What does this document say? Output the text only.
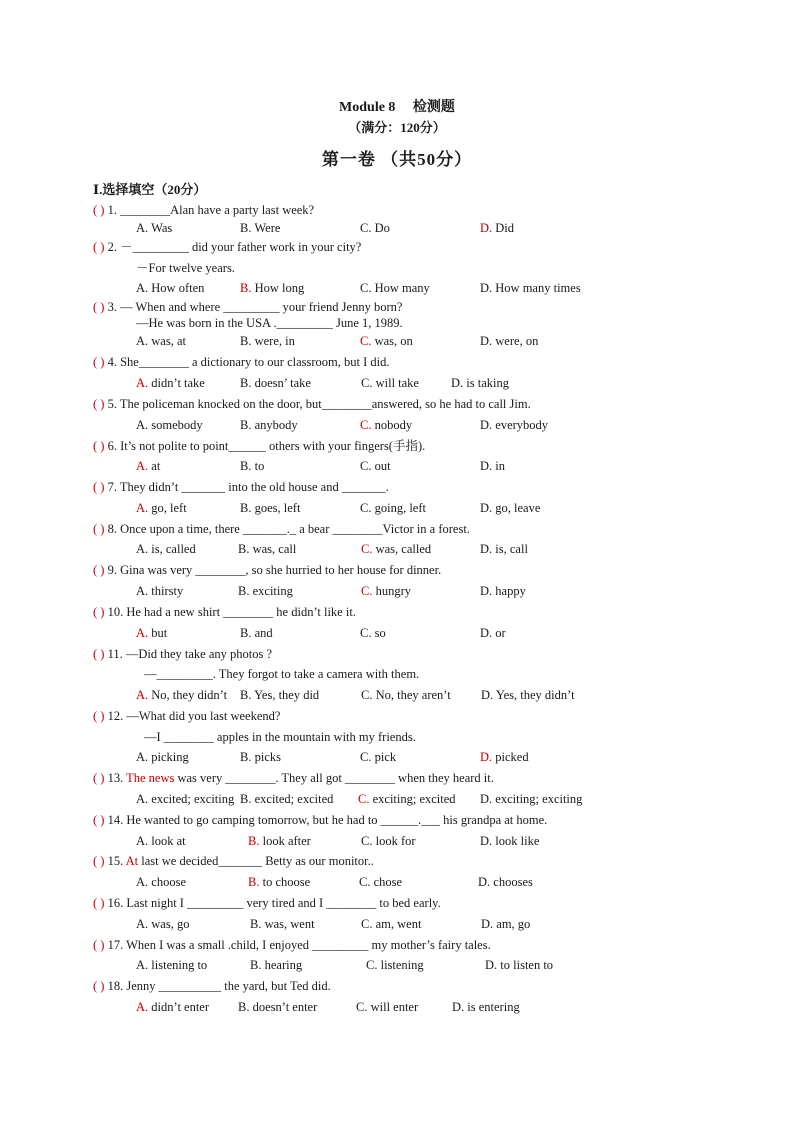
Module 8　 检测题
（满分：120分）
第一卷 （共50分）
Ⅰ.选择填空（20分）
( ) 1. ________Alan have a party last week?
A. Was	B. Were	C. Do	D. Did
( ) 2. －_________ did your father work in your city?
－For twelve years.
A. How often	B. How long	C. How many	D. How many times
( ) 3. — When and where _________ your friend Jenny born?
—He was born in the USA ._________ June 1, 1989.
A. was, at	B. were, in	C. was, on	D. were, on
( ) 4. She________ a dictionary to our classroom, but I did.
A. didn’t take	B. doesn’ take	C. will take	D. is taking
( ) 5. The policeman knocked on the door, but________answered, so he had to call Jim.
A. somebody	B. anybody	C. nobody	D. everybody
( ) 6. It’s not polite to point______ others with your fingers(手指).
A. at	B. to	C. out	D. in
( ) 7. They didn’t _______ into the old house and _______.
A. go, left	B. goes, left	C. going, left	D. go, leave
( ) 8. Once upon a time, there _______._ a bear ________Victor in a forest.
A. is, called	B. was, call	C. was, called	D. is, call
( ) 9. Gina was very ________, so she hurried to her house for dinner.
A. thirsty	B. exciting	C. hungry	D. happy
( ) 10. He had a new shirt ________ he didn’t like it.
A. but	B. and	C. so	D. or
( ) 11. —Did they take any photos ?
—_________. They forgot to take a camera with them.
A. No, they didn’t B. Yes, they did	C. No, they aren’t D. Yes, they didn’t
( ) 12. —What did you last weekend?
—I ________ apples in the mountain with my friends.
A. picking	B. picks	C. pick	D. picked
( ) 13. The news was very ________. They all got ________ when they heard it.
A. excited; exciting B. excited; excited C. exciting; excited D. exciting; exciting
( ) 14. He wanted to go camping tomorrow, but he had to ______.___ his grandpa at home.
A. look at	B. look after	C. look for	D. look like
( ) 15. At last we decided_______ Betty as our monitor..
A. choose	B. to choose	C. chose	D. chooses
( ) 16. Last night I _________ very tired and I ________ to bed early.
A. was, go	B. was, went	C. am, went	D. am, go
( ) 17. When I was a small .child, I enjoyed _________ my mother’s fairy tales.
A. listening to	B. hearing	C. listening	D. to listen to
( ) 18. Jenny __________ the yard, but Ted did.
A. didn’t enter B. doesn’t enter	C. will enter	D. is entering
